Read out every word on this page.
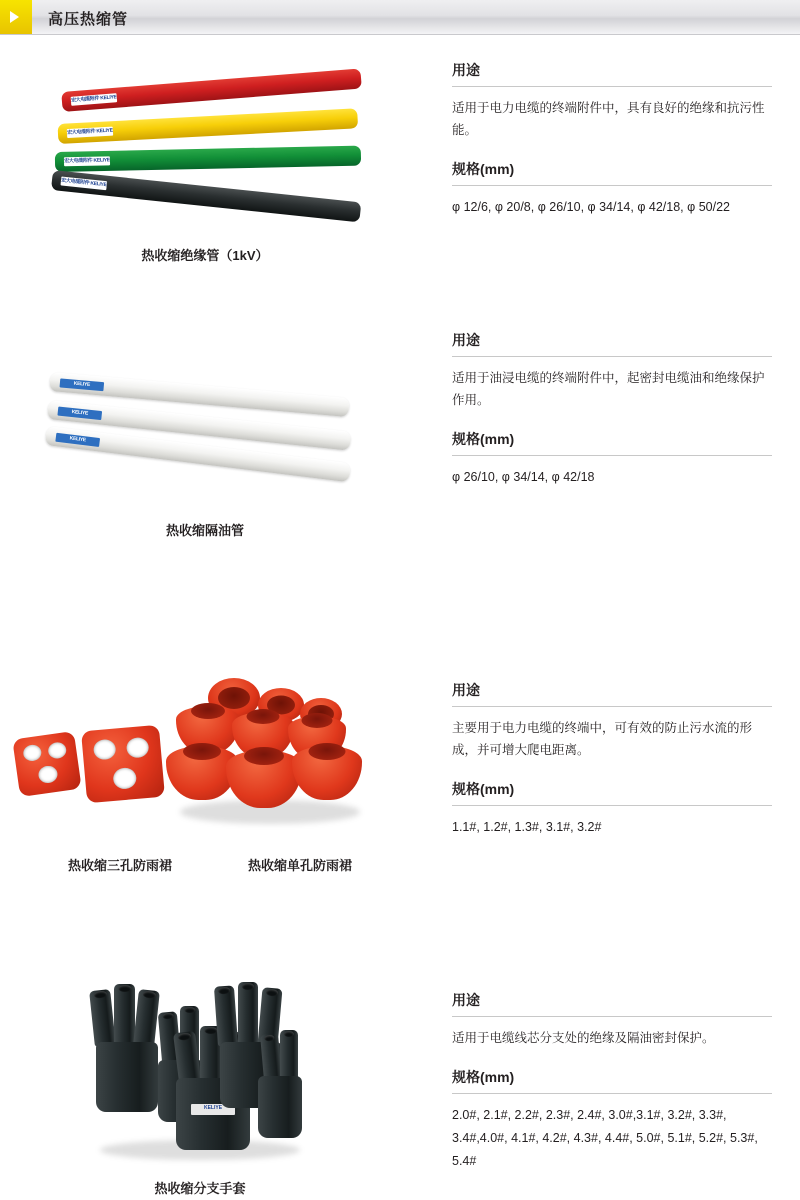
高压热缩管
宏大电缆附件 KELIYE
宏大电缆附件 KELIYE
宏大电缆附件 KELIYE
宏大电缆附件 KELIYE
热收缩绝缘管（1kV）
用途

适用于电力电缆的终端附件中，具有良好的绝缘和抗污性能。

规格(mm)

φ 12/6, φ 20/8, φ 26/10, φ 34/14, φ 42/18, φ 50/22

KELIYE
KELIYE
KELIYE
热收缩隔油管
用途

适用于油浸电缆的终端附件中，起密封电缆油和绝缘保护作用。

规格(mm)

φ 26/10, φ 34/14, φ 42/18

热收缩三孔防雨裙	热收缩单孔防雨裙
用途

主要用于电力电缆的终端中，可有效的防止污水流的形成，并可增大爬电距离。

规格(mm)

1.1#, 1.2#, 1.3#, 3.1#, 3.2#

KELIYE
热收缩分支手套
用途

适用于电缆线芯分支处的绝缘及隔油密封保护。

规格(mm)

2.0#, 2.1#, 2.2#, 2.3#, 2.4#, 3.0#,3.1#, 3.2#, 3.3#, 3.4#,4.0#, 4.1#, 4.2#, 4.3#, 4.4#, 5.0#, 5.1#, 5.2#, 5.3#, 5.4#
